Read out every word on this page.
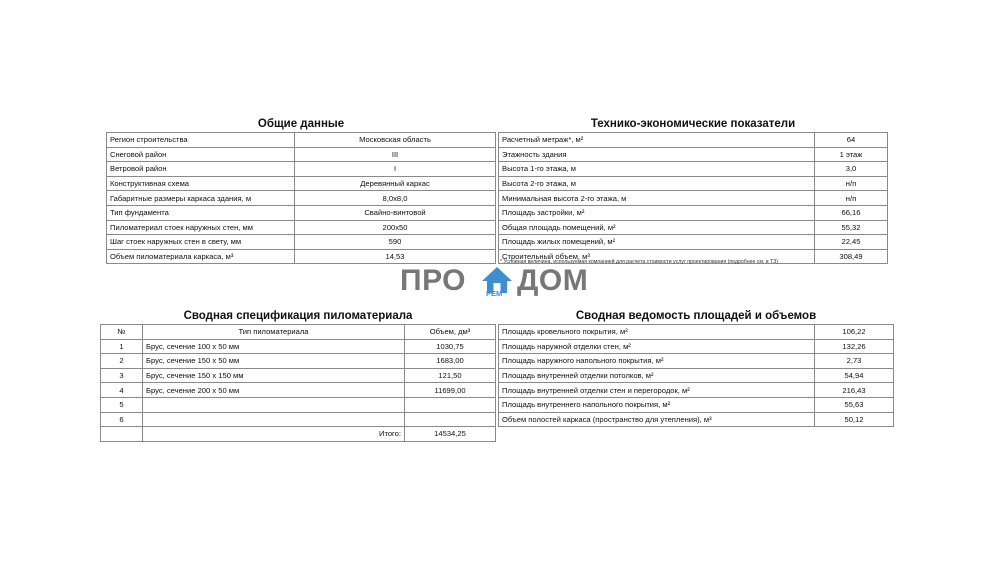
Общие данные
Регион строительства	Московская область
Снеговой район	III
Ветровой район	I
Конструктивная схема	Деревянный каркас
Габаритные размеры каркаса здания, м	8,0х8,0
Тип фундамента	Свайно-винтовой
Пиломатериал стоек наружных стен, мм	200х50
Шаг стоек наружных стен в свету, мм	590
Объем пиломатериала каркаса, м³	14,53
Технико-экономические показатели
Расчетный метраж*, м²	64
Этажность здания	1 этаж
Высота 1-го этажа, м	3,0
Высота 2-го этажа, м	н/п
Минимальная высота 2-го этажа, м	н/п
Площадь застройки, м²	66,16
Общая площадь помещений, м²	55,32
Площадь жилых помещений, м²	22,45
Строительный объем, м³	308,49
* Условная величина, используемая компанией для расчета стоимости услуг проектирования (подробнее см. в ТЗ)
ПРО	РЕМ ДОМ
Сводная спецификация пиломатериала
№	Тип пиломатериала	Объем, дм³
1	Брус, сечение 100 х 50 мм	1030,75
2	Брус, сечение 150 х 50 мм	1683,00
3	Брус, сечение 150 х 150 мм	121,50
4	Брус, сечение 200 х 50 мм	11699,00
5		
6		
	Итого:	14534,25
Сводная ведомость площадей и объемов
Площадь кровельного покрытия, м²	106,22
Площадь наружной отделки стен, м²	132,26
Площадь наружного напольного покрытия, м²	2,73
Площадь внутренней отделки потолков, м²	54,94
Площадь внутренней отделки стен и перегородок, м²	216,43
Площадь внутреннего напольного покрытия, м²	55,63
Объем полостей каркаса (пространство для утепления), м³	50,12
